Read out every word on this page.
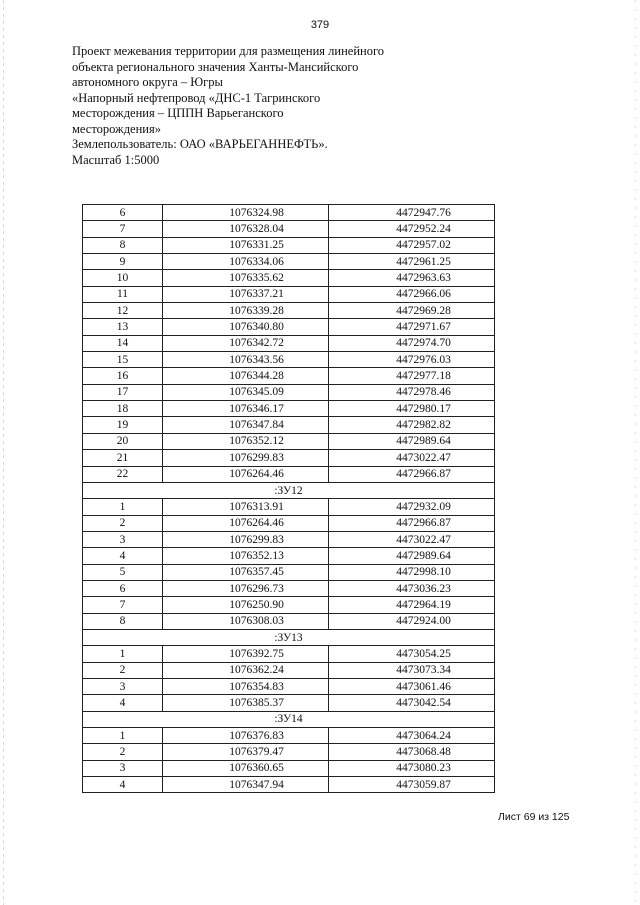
379

Проект межевания территории для размещения линейного

объекта регионального значения Ханты-Мансийского

автономного округа – Югры

«Напорный нефтепровод «ДНС-1 Тагринского

месторождения – ЦППН Варьеганского

месторождения»

Землепользователь: ОАО «ВАРЬЕГАННЕФТЬ».

Масштаб 1:5000

6	1076324.98	4472947.76
7	1076328.04	4472952.24
8	1076331.25	4472957.02
9	1076334.06	4472961.25
10	1076335.62	4472963.63
11	1076337.21	4472966.06
12	1076339.28	4472969.28
13	1076340.80	4472971.67
14	1076342.72	4472974.70
15	1076343.56	4472976.03
16	1076344.28	4472977.18
17	1076345.09	4472978.46
18	1076346.17	4472980.17
19	1076347.84	4472982.82
20	1076352.12	4472989.64
21	1076299.83	4473022.47
22	1076264.46	4472966.87
:ЗУ12		
1	1076313.91	4472932.09
2	1076264.46	4472966.87
3	1076299.83	4473022.47
4	1076352.13	4472989.64
5	1076357.45	4472998.10
6	1076296.73	4473036.23
7	1076250.90	4472964.19
8	1076308.03	4472924.00
:ЗУ13		
1	1076392.75	4473054.25
2	1076362.24	4473073.34
3	1076354.83	4473061.46
4	1076385.37	4473042.54
:ЗУ14		
1	1076376.83	4473064.24
2	1076379.47	4473068.48
3	1076360.65	4473080.23
4	1076347.94	4473059.87
Лист 69 из 125
